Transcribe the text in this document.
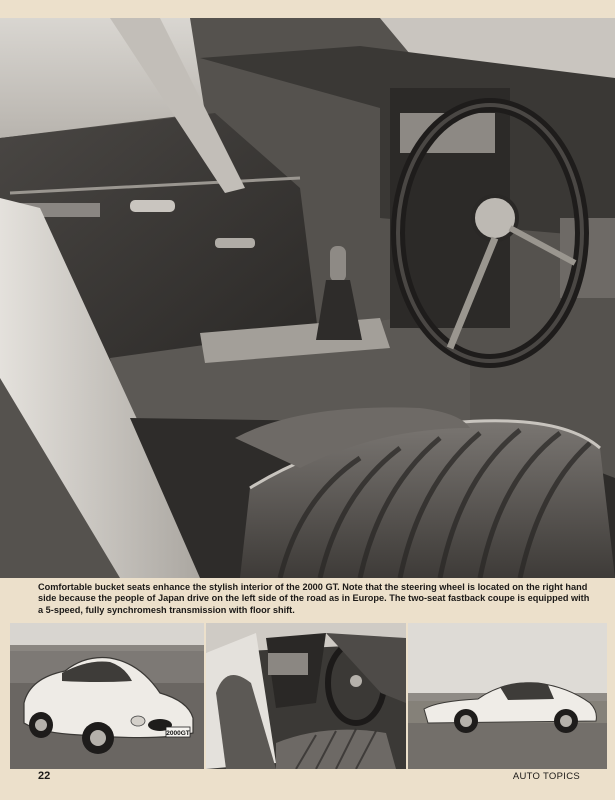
Comfortable bucket seats enhance the stylish interior of the 2000 GT. Note that the steering wheel is located on the right hand side because the people of Japan drive on the left side of the road as in Europe. The two-seat fastback coupe is equipped with a 5-speed, fully synchromesh transmission with floor shift.

2000GT
22	AUTO TOPICS
